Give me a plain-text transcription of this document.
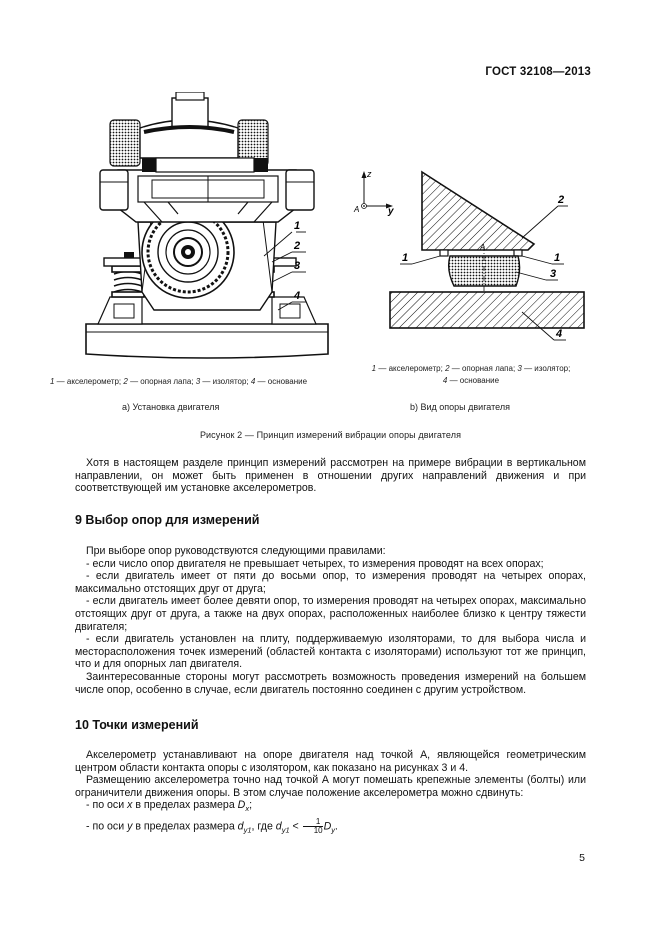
ГОСТ 32108—2013
1
2
3
4
z
y
A
2
1	1
3
4
A
1 — акселерометр; 2 — опорная лапа; 3 — изолятор; 4 — основание
1 — акселерометр; 2 — опорная лапа; 3 — изолятор;
4 — основание
а) Установка двигателя	b) Вид опоры двигателя
Рисунок 2 — Принцип измерений вибрации опоры двигателя

Хотя в настоящем разделе принцип измерений рассмотрен на примере вибрации в вертикальном направлении, он может быть применен в отношении других направлений движения и при соответствующей им установке акселерометров.

9 Выбор опор для измерений

При выборе опор руководствуются следующими правилами:

- если число опор двигателя не превышает четырех, то измерения проводят на всех опорах;

- если двигатель имеет от пяти до восьми опор, то измерения проводят на четырех опорах, максимально отстоящих друг от друга;

- если двигатель имеет более девяти опор, то измерения проводят на четырех опорах, максимально отстоящих друг от друга, а также на двух опорах, расположенных наиболее близко к центру тяжести двигателя;

- если двигатель установлен на плиту, поддерживаемую изоляторами, то для выбора числа и месторасположения точек измерений (областей контакта с изоляторами) используют тот же принцип, что и для опорных лап двигателя.

Заинтересованные стороны могут рассмотреть возможность проведения измерений на большем числе опор, особенно в случае, если двигатель постоянно соединен с другим устройством.

10 Точки измерений

Акселерометр устанавливают на опоре двигателя над точкой А, являющейся геометрическим центром области контакта опоры с изолятором, как показано на рисунках 3 и 4.

Размещению акселерометра точно над точкой А могут помешать крепежные элементы (болты) или ограничители движения опоры. В этом случае положение акселерометра можно сдвинуть:

- по оси x в пределах размера $D_x$;

- по оси y в пределах размера $d_{y1}$, где $d_{y1} < \frac{1}{10} D_y$.

5
